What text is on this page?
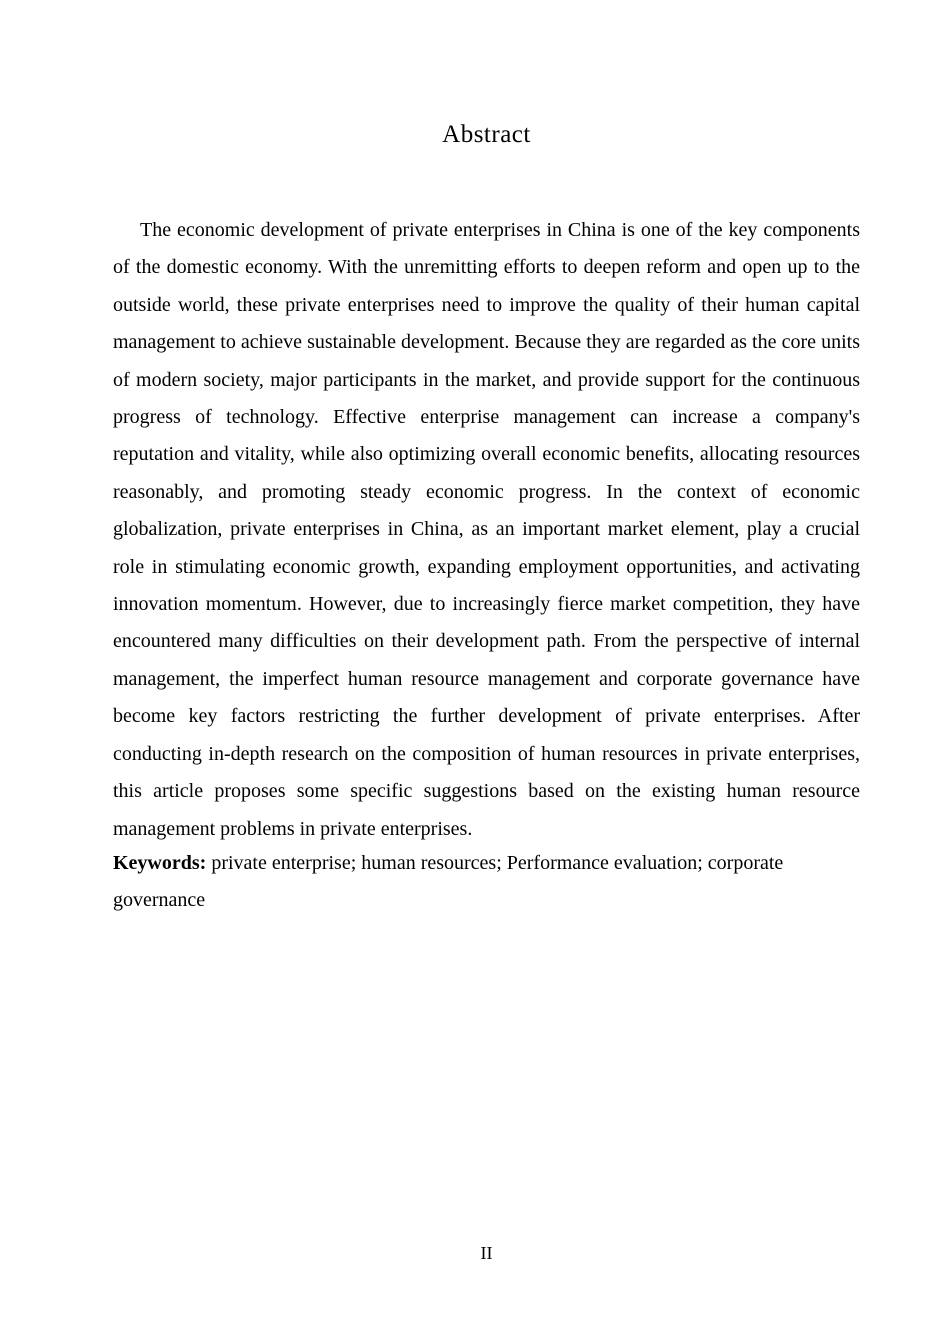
Abstract

The economic development of private enterprises in China is one of the key components of the domestic economy. With the unremitting efforts to deepen reform and open up to the outside world, these private enterprises need to improve the quality of their human capital management to achieve sustainable development. Because they are regarded as the core units of modern society, major participants in the market, and provide support for the continuous progress of technology. Effective enterprise management can increase a company's reputation and vitality, while also optimizing overall economic benefits, allocating resources reasonably, and promoting steady economic progress. In the context of economic globalization, private enterprises in China, as an important market element, play a crucial role in stimulating economic growth, expanding employment opportunities, and activating innovation momentum. However, due to increasingly fierce market competition, they have encountered many difficulties on their development path. From the perspective of internal management, the imperfect human resource management and corporate governance have become key factors restricting the further development of private enterprises. After conducting in-depth research on the composition of human resources in private enterprises, this article proposes some specific suggestions based on the existing human resource management problems in private enterprises.

Keywords: private enterprise; human resources; Performance evaluation; corporate governance
II
